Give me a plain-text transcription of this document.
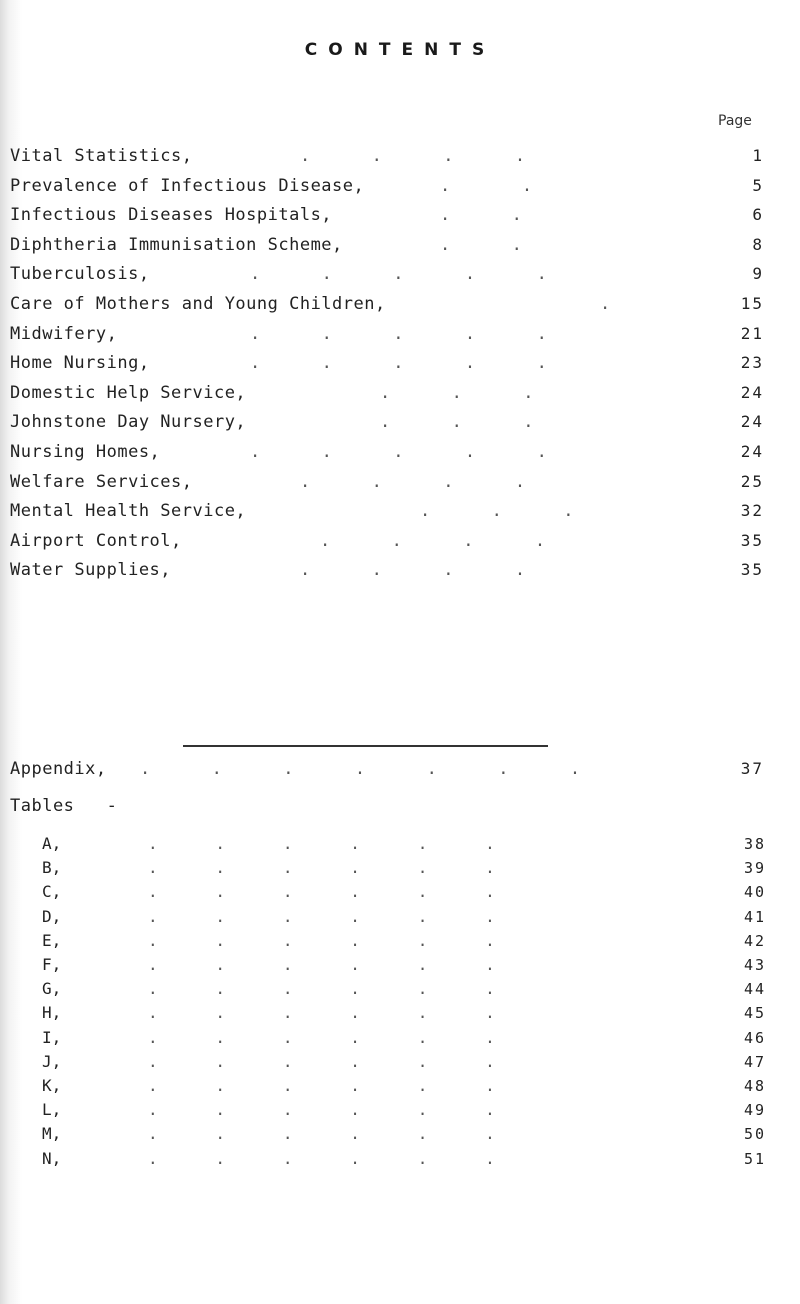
CONTENTS
Page
Vital Statistics,	.      .      .      .	1
Prevalence of Infectious Disease,	.       .	5
Infectious Diseases Hospitals,	.      .	6
Diphtheria Immunisation Scheme,	.      .	8
Tuberculosis,	.      .      .      .      .	9
Care of Mothers and Young Children,	.	15
Midwifery,	.      .      .      .      .	21
Home Nursing,	.      .      .      .      .	23
Domestic Help Service,	.      .      .	24
Johnstone Day Nursery,	.      .      .	24
Nursing Homes,	.      .      .      .      .	24
Welfare Services,	.      .      .      .	25
Mental Health Service,	.      .      .	32
Airport Control,	.      .      .      .	35
Water Supplies,	.      .      .      .	35
Appendix, .      .      .      .      .      .      .	37
Tables   -
A,	.      .      .      .      .      .	38
B,	.      .      .      .      .      .	39
C,	.      .      .      .      .      .	40
D,	.      .      .      .      .      .	41
E,	.      .      .      .      .      .	42
F,	.      .      .      .      .      .	43
G,	.      .      .      .      .      .	44
H,	.      .      .      .      .      .	45
I,	.      .      .      .      .      .	46
J,	.      .      .      .      .      .	47
K,	.      .      .      .      .      .	48
L,	.      .      .      .      .      .	49
M,	.      .      .      .      .      .	50
N,	.      .      .      .      .      .	51
